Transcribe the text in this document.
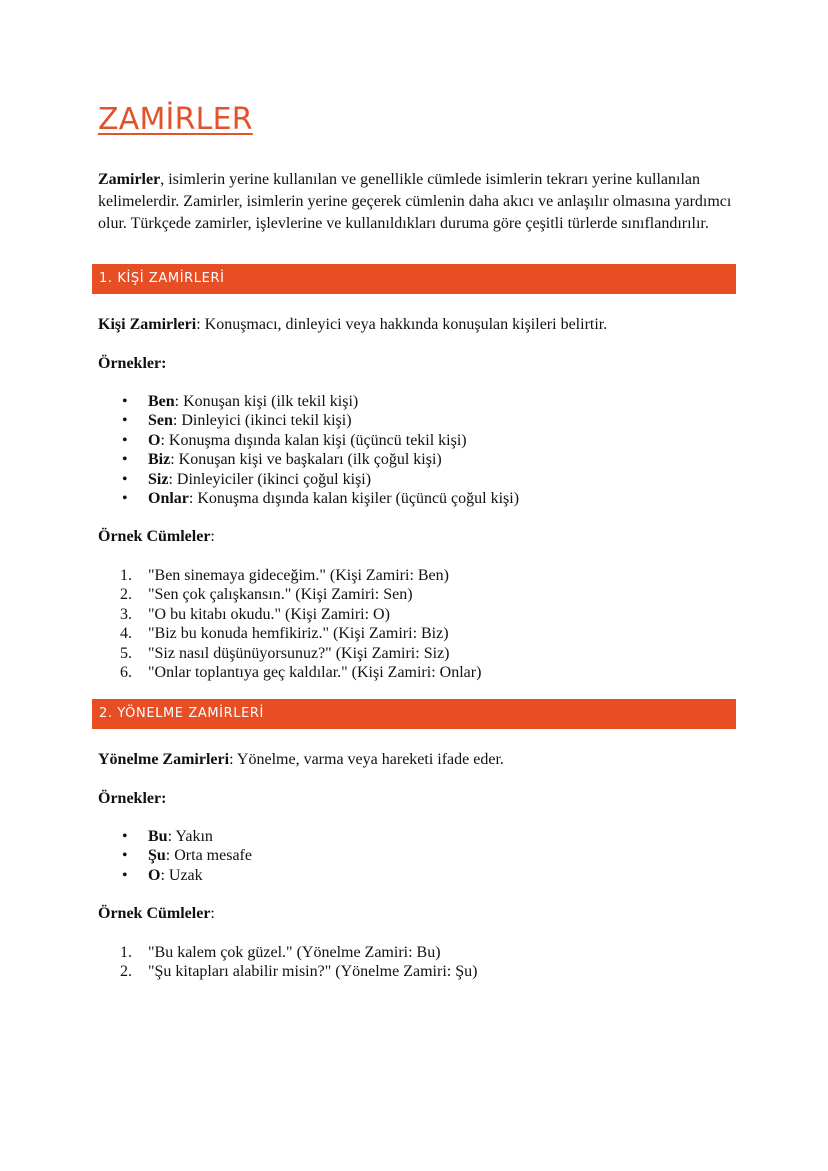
ZAMİRLER

Zamirler, isimlerin yerine kullanılan ve genellikle cümlede isimlerin tekrarı yerine kullanılan kelimelerdir. Zamirler, isimlerin yerine geçerek cümlenin daha akıcı ve anlaşılır olmasına yardımcı olur. Türkçede zamirler, işlevlerine ve kullanıldıkları duruma göre çeşitli türlerde sınıflandırılır.

1. KİŞİ ZAMİRLERİ

Kişi Zamirleri: Konuşmacı, dinleyici veya hakkında konuşulan kişileri belirtir.

Örnekler:

• Ben: Konuşan kişi (ilk tekil kişi)
• Sen: Dinleyici (ikinci tekil kişi)
• O: Konuşma dışında kalan kişi (üçüncü tekil kişi)
• Biz: Konuşan kişi ve başkaları (ilk çoğul kişi)
• Siz: Dinleyiciler (ikinci çoğul kişi)
• Onlar: Konuşma dışında kalan kişiler (üçüncü çoğul kişi)

Örnek Cümleler:

1. "Ben sinemaya gideceğim." (Kişi Zamiri: Ben)
2. "Sen çok çalışkansın." (Kişi Zamiri: Sen)
3. "O bu kitabı okudu." (Kişi Zamiri: O)
4. "Biz bu konuda hemfikiriz." (Kişi Zamiri: Biz)
5. "Siz nasıl düşünüyorsunuz?" (Kişi Zamiri: Siz)
6. "Onlar toplantıya geç kaldılar." (Kişi Zamiri: Onlar)
2. YÖNELME ZAMİRLERİ

Yönelme Zamirleri: Yönelme, varma veya hareketi ifade eder.

Örnekler:

• Bu: Yakın
• Şu: Orta mesafe
• O: Uzak

Örnek Cümleler:

1. "Bu kalem çok güzel." (Yönelme Zamiri: Bu)
2. "Şu kitapları alabilir misin?" (Yönelme Zamiri: Şu)
